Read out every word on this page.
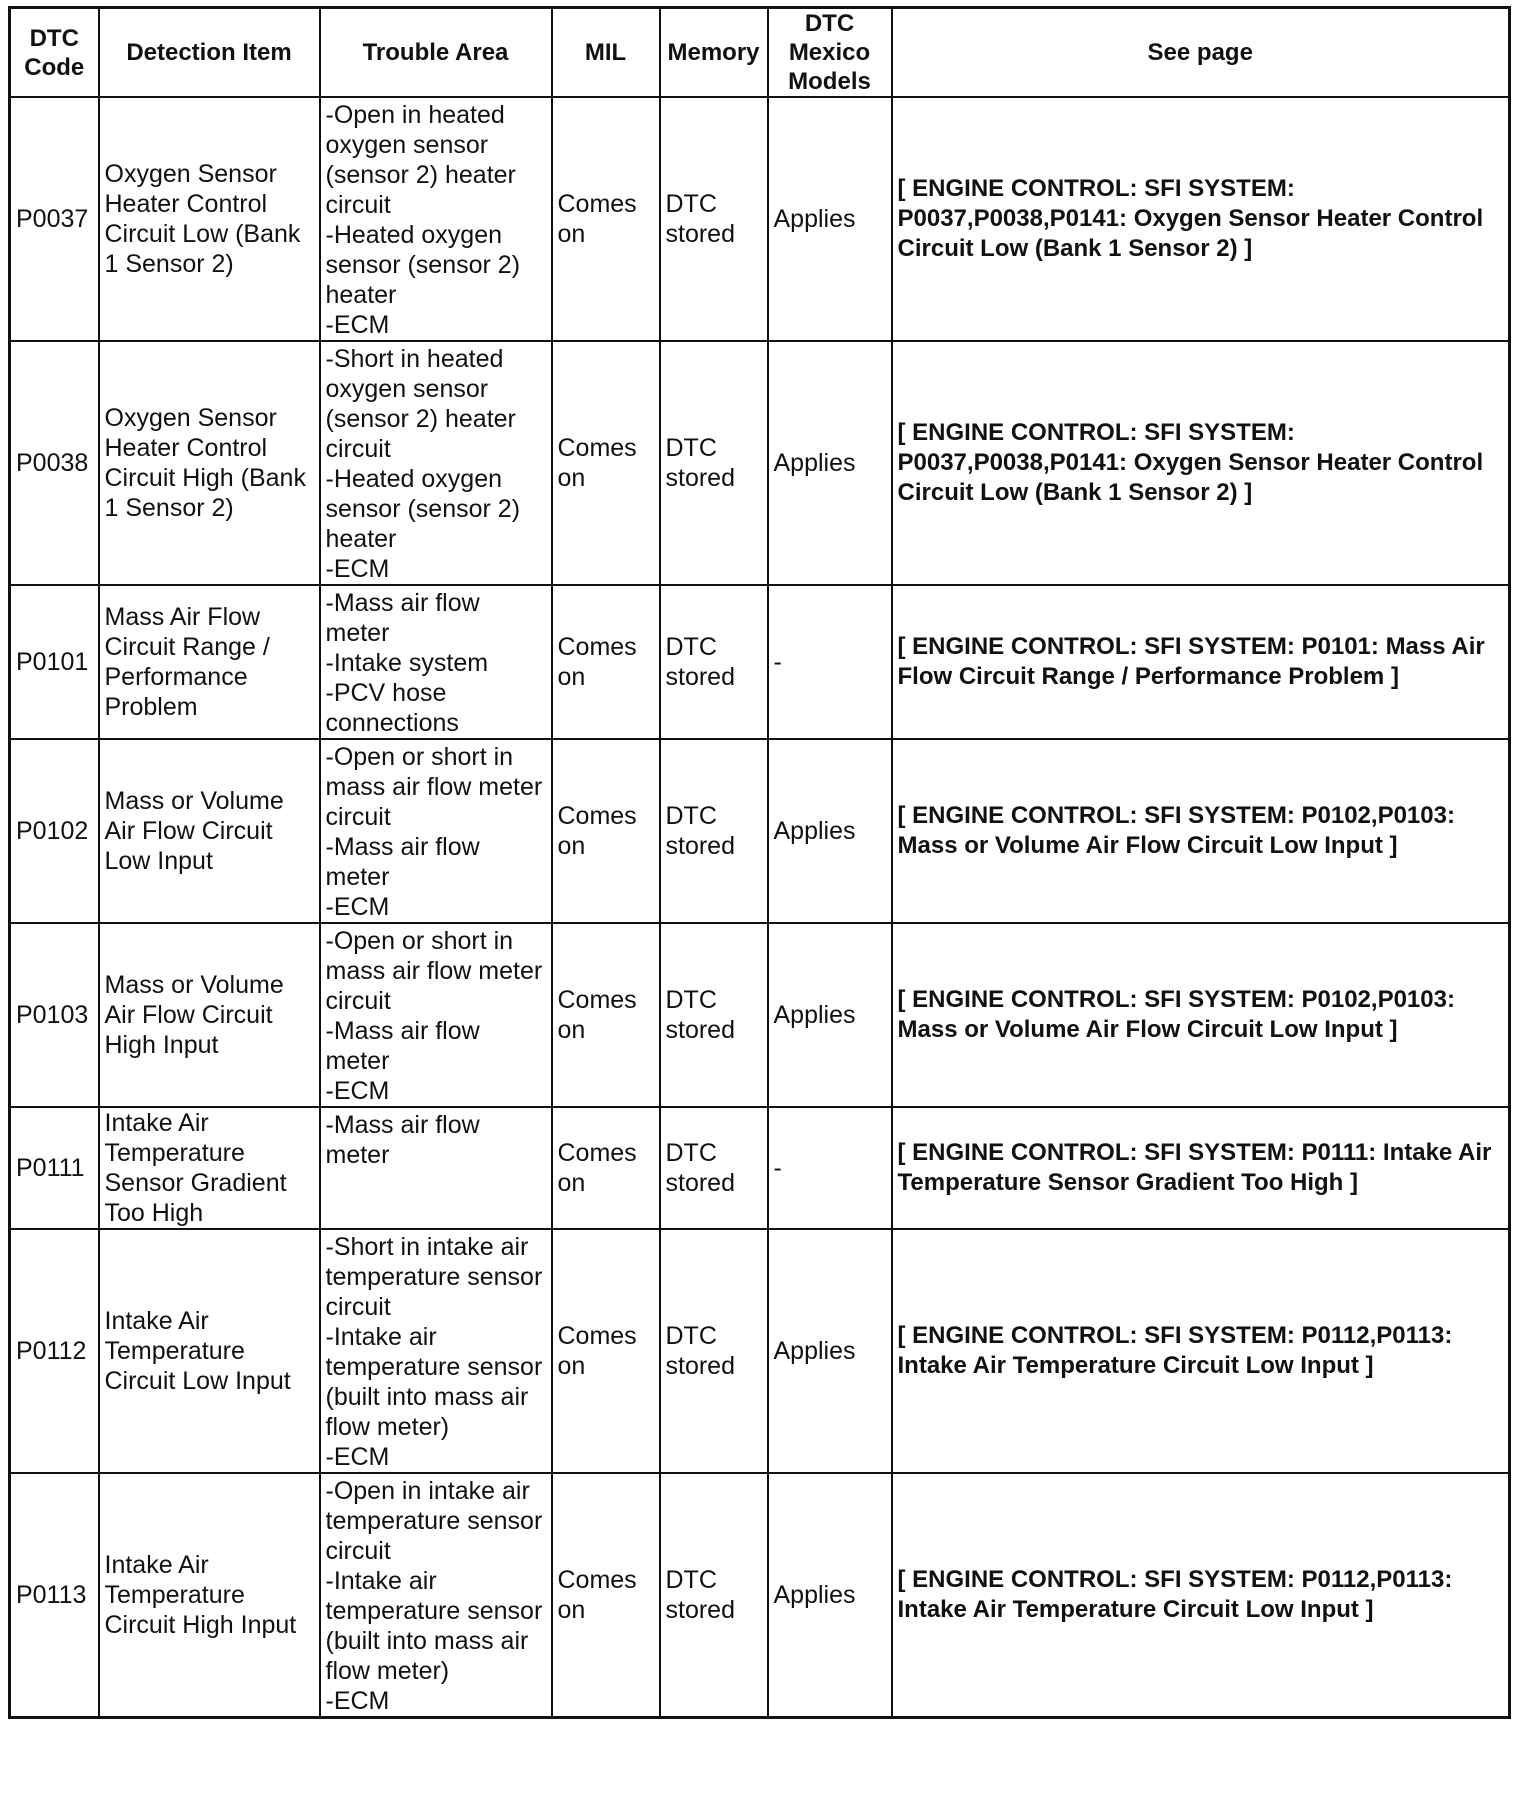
DTC
Code	Detection Item	Trouble Area	MIL	Memory	DTC
Mexico
Models	See page
P0037	Oxygen Sensor Heater Control Circuit Low (Bank 1 Sensor 2)	-Open in heated oxygen sensor (sensor 2) heater circuit
-Heated oxygen sensor (sensor 2) heater
-ECM	Comes on	DTC stored	Applies	[ ENGINE CONTROL: SFI SYSTEM: P0037,P0038,P0141: Oxygen Sensor Heater Control Circuit Low (Bank 1 Sensor 2) ]
P0038	Oxygen Sensor Heater Control Circuit High (Bank 1 Sensor 2)	-Short in heated oxygen sensor (sensor 2) heater circuit
-Heated oxygen sensor (sensor 2) heater
-ECM	Comes on	DTC stored	Applies	[ ENGINE CONTROL: SFI SYSTEM: P0037,P0038,P0141: Oxygen Sensor Heater Control Circuit Low (Bank 1 Sensor 2) ]
P0101	Mass Air Flow Circuit Range / Performance Problem	-Mass air flow meter
-Intake system
-PCV hose connections	Comes on	DTC stored	-	[ ENGINE CONTROL: SFI SYSTEM: P0101: Mass Air Flow Circuit Range / Performance Problem ]
P0102	Mass or Volume Air Flow Circuit Low Input	-Open or short in mass air flow meter circuit
-Mass air flow meter
-ECM	Comes on	DTC stored	Applies	[ ENGINE CONTROL: SFI SYSTEM: P0102,P0103: Mass or Volume Air Flow Circuit Low Input ]
P0103	Mass or Volume Air Flow Circuit High Input	-Open or short in mass air flow meter circuit
-Mass air flow meter
-ECM	Comes on	DTC stored	Applies	[ ENGINE CONTROL: SFI SYSTEM: P0102,P0103: Mass or Volume Air Flow Circuit Low Input ]
P0111	Intake Air Temperature Sensor Gradient Too High	-Mass air flow meter	Comes on	DTC stored	-	[ ENGINE CONTROL: SFI SYSTEM: P0111: Intake Air Temperature Sensor Gradient Too High ]
P0112	Intake Air Temperature Circuit Low Input	-Short in intake air temperature sensor circuit
-Intake air temperature sensor (built into mass air flow meter)
-ECM	Comes on	DTC stored	Applies	[ ENGINE CONTROL: SFI SYSTEM: P0112,P0113: Intake Air Temperature Circuit Low Input ]
P0113	Intake Air Temperature Circuit High Input	-Open in intake air temperature sensor circuit
-Intake air temperature sensor (built into mass air flow meter)
-ECM	Comes on	DTC stored	Applies	[ ENGINE CONTROL: SFI SYSTEM: P0112,P0113: Intake Air Temperature Circuit Low Input ]
